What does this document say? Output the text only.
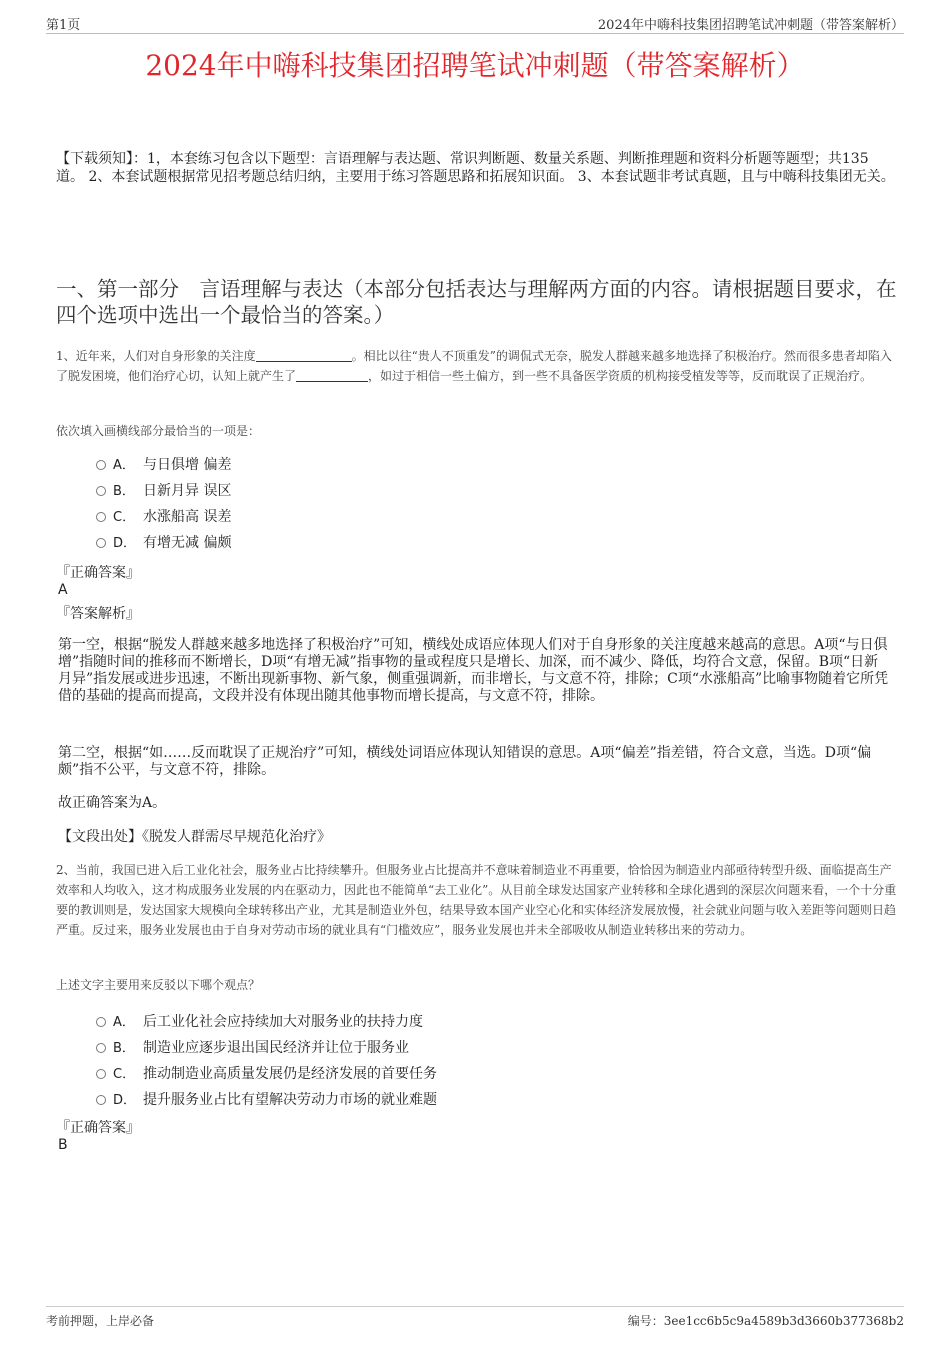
第1页	2024年中嗨科技集团招聘笔试冲刺题（带答案解析）
2024年中嗨科技集团招聘笔试冲刺题（带答案解析）
【下载须知】：1，本套练习包含以下题型：言语理解与表达题、常识判断题、数量关系题、判断推理题和资料分析题等题型；共135道。 2、本套试题根据常见招考题总结归纳，主要用于练习答题思路和拓展知识面。 3、本套试题非考试真题，且与中嗨科技集团无关。
一、第一部分　言语理解与表达（本部分包括表达与理解两方面的内容。请根据题目要求，在四个选项中选出一个最恰当的答案。）
1、近年来，人们对自身形象的关注度	。相比以往“贵人不顶重发”的调侃式无奈，脱发人群越来越多地选择了积极治疗。然而很多患者却陷入了脱发困境，他们治疗心切，认知上就产生了	，如过于相信一些土偏方，到一些不具备医学资质的机构接受植发等等，反而耽误了正规治疗。
依次填入画横线部分最恰当的一项是：
A． 与日俱增 偏差
B． 日新月异 误区
C． 水涨船高 误差
D． 有增无减 偏颇
『正确答案』
A
『答案解析』
第一空，根据“脱发人群越来越多地选择了积极治疗”可知，横线处成语应体现人们对于自身形象的关注度越来越高的意思。A项“与日俱增”指随时间的推移而不断增长，D项“有增无减”指事物的量或程度只是增长、加深，而不减少、降低，均符合文意，保留。B项“日新月异”指发展或进步迅速，不断出现新事物、新气象，侧重强调新，而非增长，与文意不符，排除；C项“水涨船高”比喻事物随着它所凭借的基础的提高而提高，文段并没有体现出随其他事物而增长提高，与文意不符，排除。
第二空，根据“如……反而耽误了正规治疗”可知，横线处词语应体现认知错误的意思。A项“偏差”指差错，符合文意，当选。D项“偏颇”指不公平，与文意不符，排除。
故正确答案为A。
【文段出处】《脱发人群需尽早规范化治疗》
2、当前，我国已进入后工业化社会，服务业占比持续攀升。但服务业占比提高并不意味着制造业不再重要，恰恰因为制造业内部亟待转型升级、面临提高生产效率和人均收入，这才构成服务业发展的内在驱动力，因此也不能简单“去工业化”。从目前全球发达国家产业转移和全球化遇到的深层次问题来看，一个十分重要的教训则是，发达国家大规模向全球转移出产业，尤其是制造业外包，结果导致本国产业空心化和实体经济发展放慢，社会就业问题与收入差距等问题则日趋严重。反过来，服务业发展也由于自身对劳动市场的就业具有“门槛效应”，服务业发展也并未全部吸收从制造业转移出来的劳动力。
上述文字主要用来反驳以下哪个观点？
A． 后工业化社会应持续加大对服务业的扶持力度
B． 制造业应逐步退出国民经济并让位于服务业
C． 推动制造业高质量发展仍是经济发展的首要任务
D． 提升服务业占比有望解决劳动力市场的就业难题
『正确答案』
B
考前押题，上岸必备	编号：3ee1cc6b5c9a4589b3d3660b377368b2
